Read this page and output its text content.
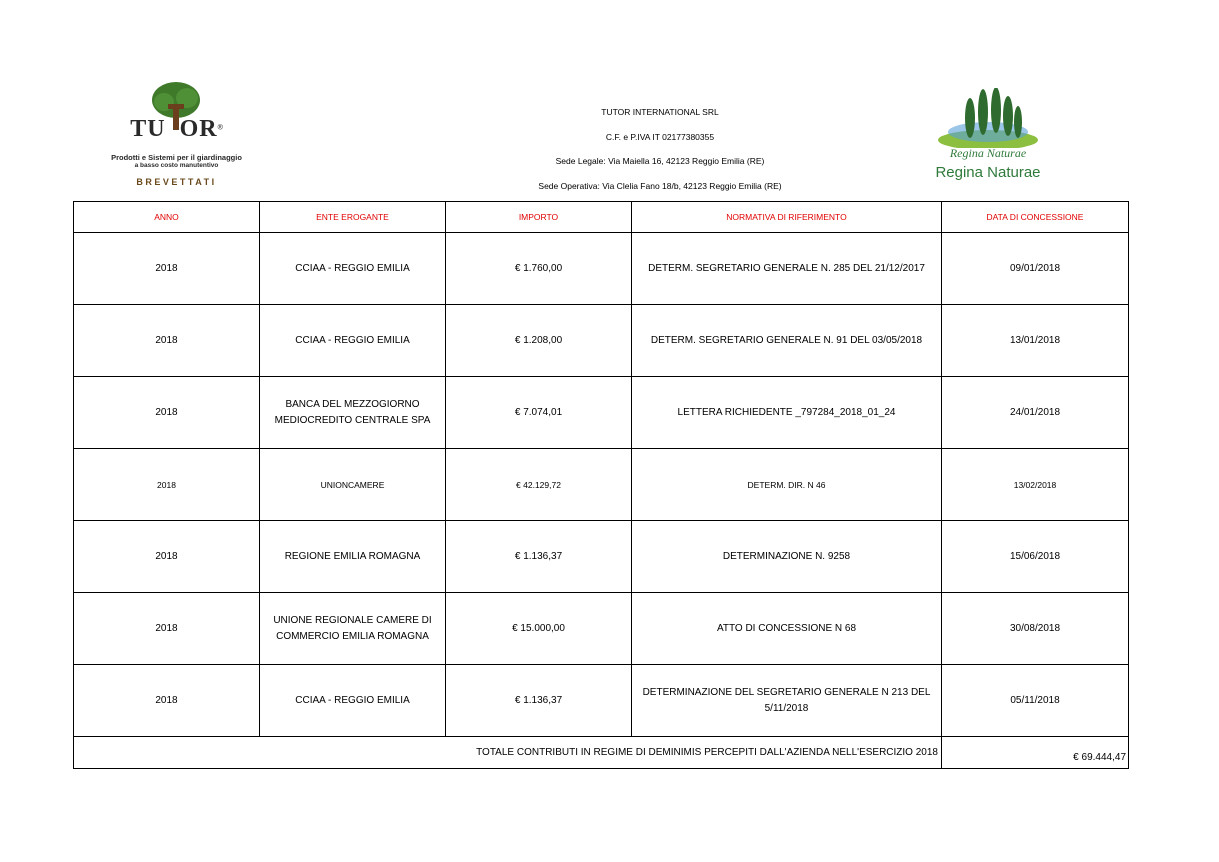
TU OR®
Prodotti e Sistemi per il giardinaggio
a basso costo manutentivo
BREVETTATI
TUTOR INTERNATIONAL SRL
C.F. e P.IVA IT 02177380355
Sede Legale: Via Maiella 16, 42123 Reggio Emilia (RE)
Sede Operativa: Via Clelia Fano 18/b, 42123 Reggio Emilia (RE)
Regina Naturae
Regina Naturae
ANNO	ENTE EROGANTE	IMPORTO	NORMATIVA DI RIFERIMENTO	DATA DI CONCESSIONE
2018	CCIAA - REGGIO EMILIA	€ 1.760,00	DETERM. SEGRETARIO GENERALE N. 285 DEL 21/12/2017	09/01/2018
2018	CCIAA - REGGIO EMILIA	€ 1.208,00	DETERM. SEGRETARIO GENERALE N. 91 DEL 03/05/2018	13/01/2018
2018	BANCA DEL MEZZOGIORNO MEDIOCREDITO CENTRALE SPA	€ 7.074,01	LETTERA RICHIEDENTE _797284_2018_01_24	24/01/2018
2018	UNIONCAMERE	€ 42.129,72	DETERM. DIR. N 46	13/02/2018
2018	REGIONE EMILIA ROMAGNA	€ 1.136,37	DETERMINAZIONE N. 9258	15/06/2018
2018	UNIONE REGIONALE CAMERE DI COMMERCIO EMILIA ROMAGNA	€ 15.000,00	ATTO DI CONCESSIONE N 68	30/08/2018
2018	CCIAA - REGGIO EMILIA	€ 1.136,37	DETERMINAZIONE DEL SEGRETARIO GENERALE N 213 DEL 5/11/2018	05/11/2018
TOTALE CONTRIBUTI IN REGIME DI DEMINIMIS PERCEPITI DALL'AZIENDA NELL'ESERCIZIO 2018				€ 69.444,47
